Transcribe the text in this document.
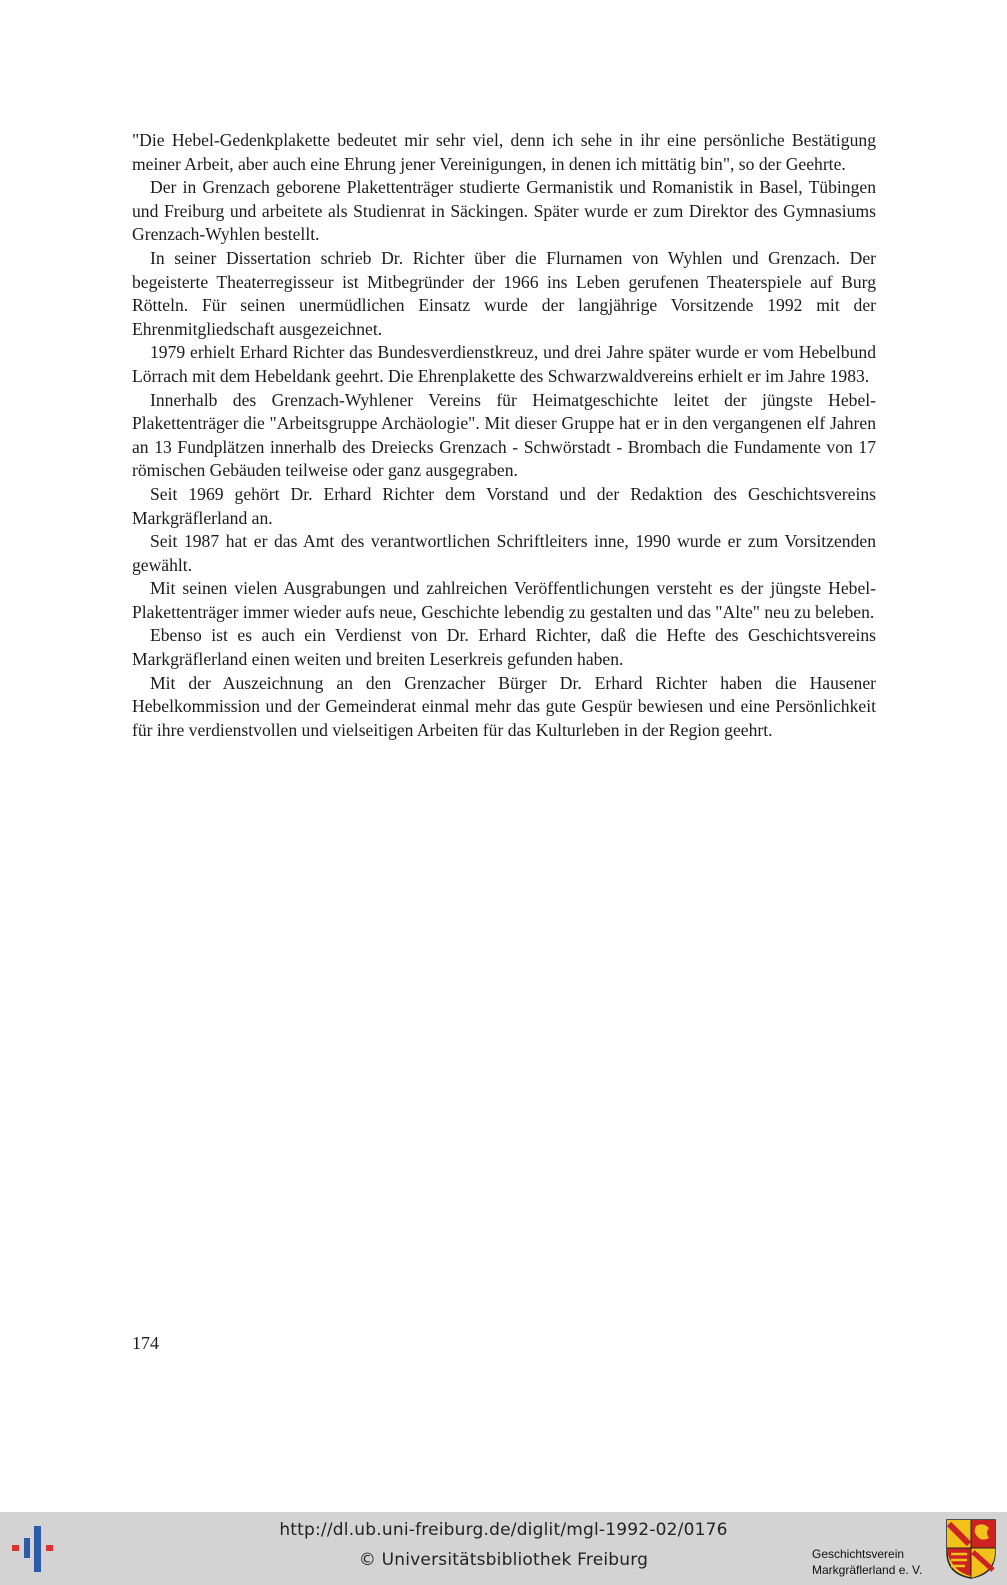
"Die Hebel-Gedenkplakette bedeutet mir sehr viel, denn ich sehe in ihr eine persönliche Bestätigung meiner Arbeit, aber auch eine Ehrung jener Vereinigungen, in denen ich mittätig bin", so der Geehrte.

Der in Grenzach geborene Plakettenträger studierte Germanistik und Romanistik in Basel, Tübingen und Freiburg und arbeitete als Studienrat in Säckingen. Später wurde er zum Direktor des Gymnasiums Grenzach-Wyhlen bestellt.

In seiner Dissertation schrieb Dr. Richter über die Flurnamen von Wyhlen und Grenzach. Der begeisterte Theaterregisseur ist Mitbegründer der 1966 ins Leben gerufenen Theaterspiele auf Burg Rötteln. Für seinen unermüdlichen Einsatz wurde der langjährige Vorsitzende 1992 mit der Ehrenmitgliedschaft ausgezeichnet.

1979 erhielt Erhard Richter das Bundesverdienstkreuz, und drei Jahre später wurde er vom Hebelbund Lörrach mit dem Hebeldank geehrt. Die Ehrenplakette des Schwarzwaldvereins erhielt er im Jahre 1983.

Innerhalb des Grenzach-Wyhlener Vereins für Heimatgeschichte leitet der jüngste Hebel-Plakettenträger die "Arbeitsgruppe Archäologie". Mit dieser Gruppe hat er in den vergangenen elf Jahren an 13 Fundplätzen innerhalb des Dreiecks Grenzach - Schwörstadt - Brombach die Fundamente von 17 römischen Gebäuden teilweise oder ganz ausgegraben.

Seit 1969 gehört Dr. Erhard Richter dem Vorstand und der Redaktion des Geschichtsvereins Markgräflerland an.

Seit 1987 hat er das Amt des verantwortlichen Schriftleiters inne, 1990 wurde er zum Vorsitzenden gewählt.

Mit seinen vielen Ausgrabungen und zahlreichen Veröffentlichungen versteht es der jüngste Hebel-Plakettenträger immer wieder aufs neue, Geschichte lebendig zu gestalten und das "Alte" neu zu beleben.

Ebenso ist es auch ein Verdienst von Dr. Erhard Richter, daß die Hefte des Geschichtsvereins Markgräflerland einen weiten und breiten Leserkreis gefunden haben.

Mit der Auszeichnung an den Grenzacher Bürger Dr. Erhard Richter haben die Hausener Hebelkommission und der Gemeinderat einmal mehr das gute Gespür bewiesen und eine Persönlichkeit für ihre verdienstvollen und vielseitigen Arbeiten für das Kulturleben in der Region geehrt.

174
http://dl.ub.uni-freiburg.de/diglit/mgl-1992-02/0176
© Universitätsbibliothek Freiburg	Geschichtsverein
Markgräflerland e. V.
